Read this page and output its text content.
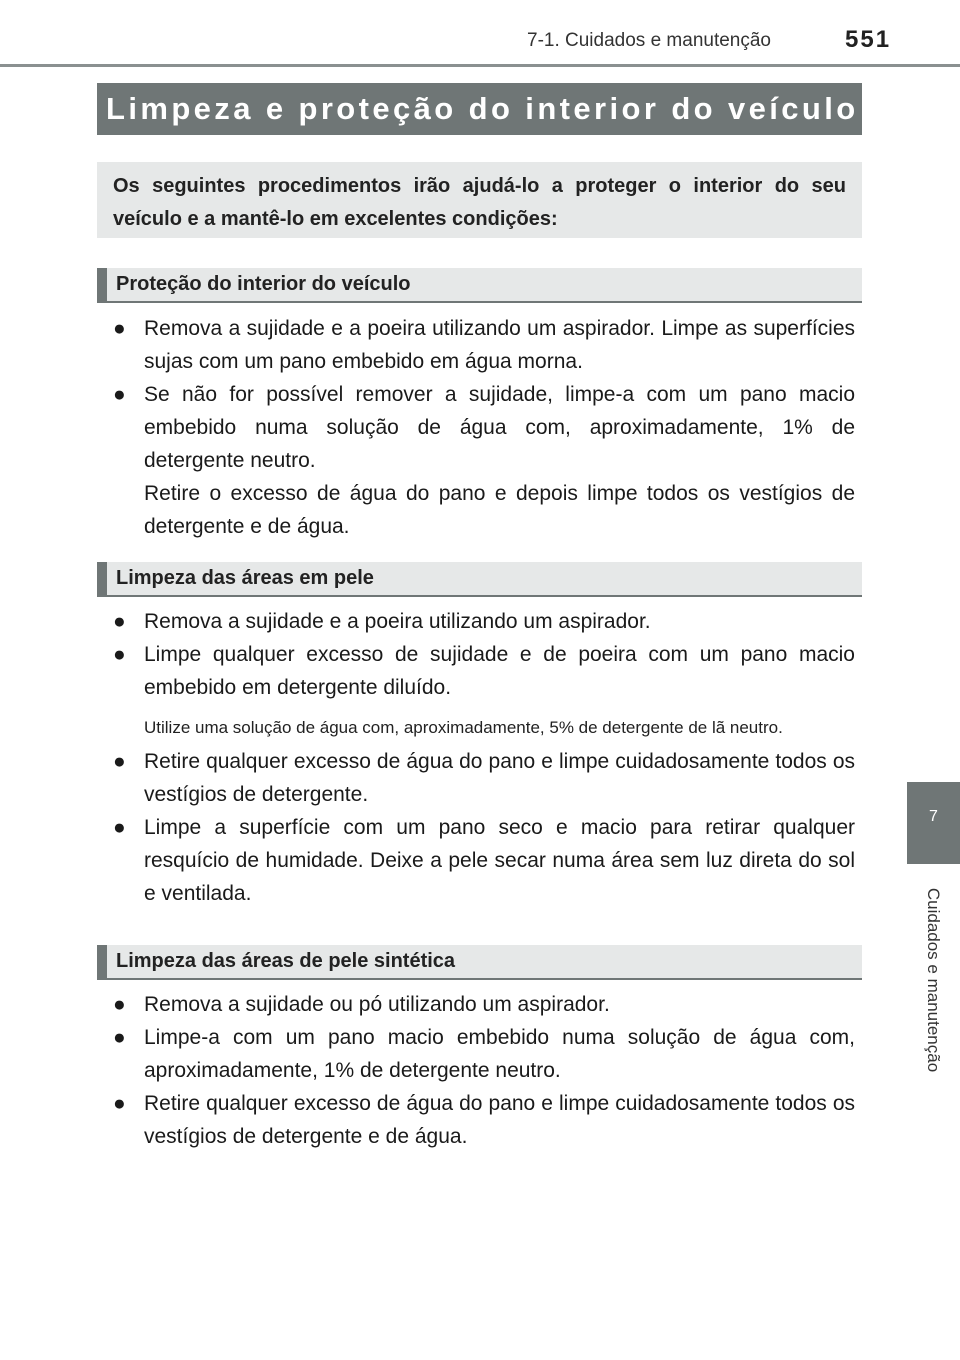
7-1. Cuidados e manutenção	551
7
Cuidados e manutenção
Limpeza e proteção do interior do veículo
Os seguintes procedimentos irão ajudá-lo a proteger o interior do seu veículo e a mantê-lo em excelentes condições:
Proteção do interior do veículo
● Remova a sujidade e a poeira utilizando um aspirador. Limpe as superfícies sujas com um pano embebido em água morna.
● Se não for possível remover a sujidade, limpe-a com um pano macio embebido numa solução de água com, aproximadamente, 1% de detergente neutro.
Retire o excesso de água do pano e depois limpe todos os vestígios de detergente e de água.
Limpeza das áreas em pele
● Remova a sujidade e a poeira utilizando um aspirador.
● Limpe qualquer excesso de sujidade e de poeira com um pano macio embebido em detergente diluído.
Utilize uma solução de água com, aproximadamente, 5% de detergente de lã neutro.
● Retire qualquer excesso de água do pano e limpe cuidadosamente todos os vestígios de detergente.
● Limpe a superfície com um pano seco e macio para retirar qualquer resquício de humidade. Deixe a pele secar numa área sem luz direta do sol e ventilada.
Limpeza das áreas de pele sintética
● Remova a sujidade ou pó utilizando um aspirador.
● Limpe-a com um pano macio embebido numa solução de água com, aproximadamente, 1% de detergente neutro.
● Retire qualquer excesso de água do pano e limpe cuidadosamente todos os vestígios de detergente e de água.
